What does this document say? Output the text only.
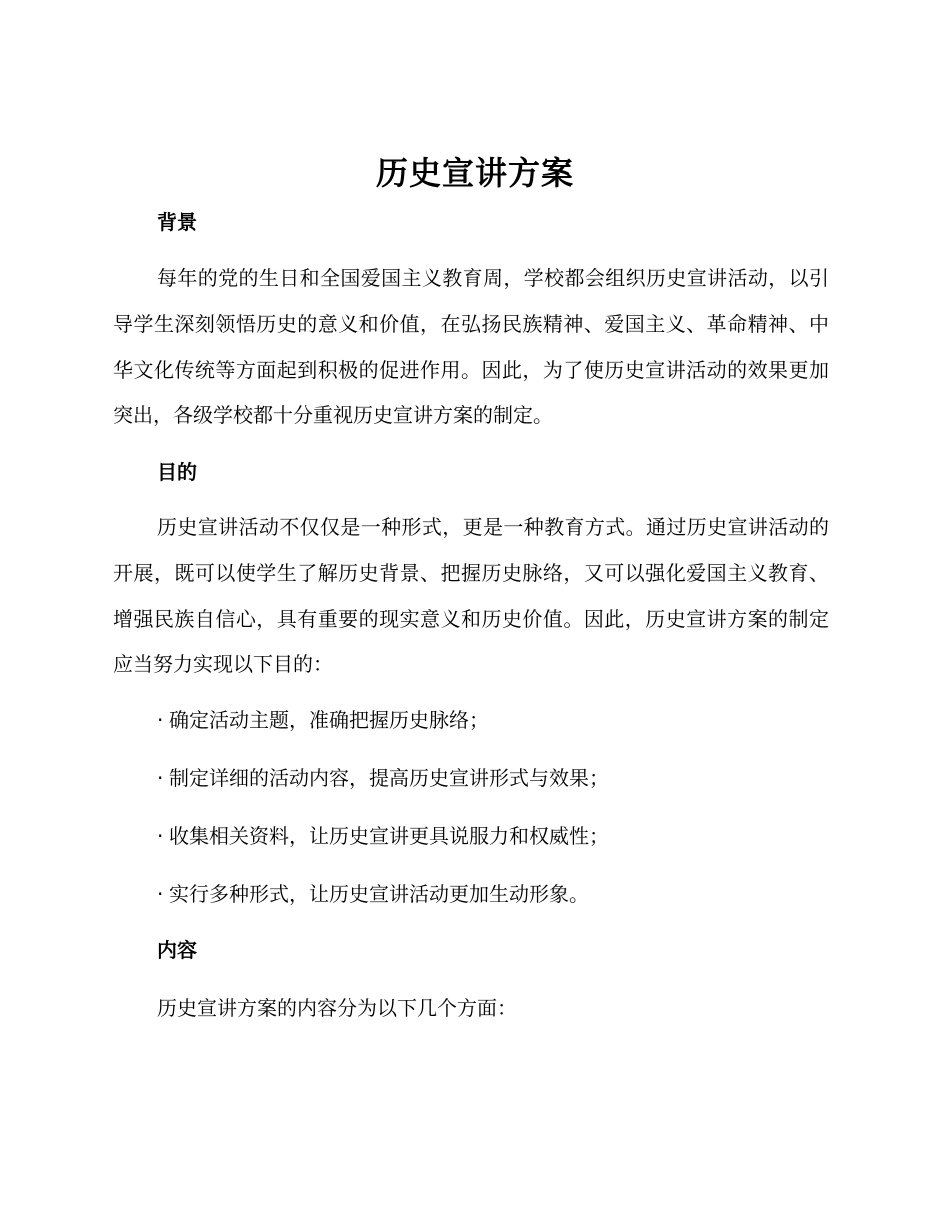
历史宣讲方案
背景

每年的党的生日和全国爱国主义教育周，学校都会组织历史宣讲活动，以引导学生深刻领悟历史的意义和价值，在弘扬民族精神、爱国主义、革命精神、中华文化传统等方面起到积极的促进作用。因此，为了使历史宣讲活动的效果更加突出，各级学校都十分重视历史宣讲方案的制定。

目的

历史宣讲活动不仅仅是一种形式，更是一种教育方式。通过历史宣讲活动的开展，既可以使学生了解历史背景、把握历史脉络，又可以强化爱国主义教育、增强民族自信心，具有重要的现实意义和历史价值。因此，历史宣讲方案的制定应当努力实现以下目的：

· 确定活动主题，准确把握历史脉络；
· 制定详细的活动内容，提高历史宣讲形式与效果；
· 收集相关资料，让历史宣讲更具说服力和权威性；
· 实行多种形式，让历史宣讲活动更加生动形象。
内容
历史宣讲方案的内容分为以下几个方面：
